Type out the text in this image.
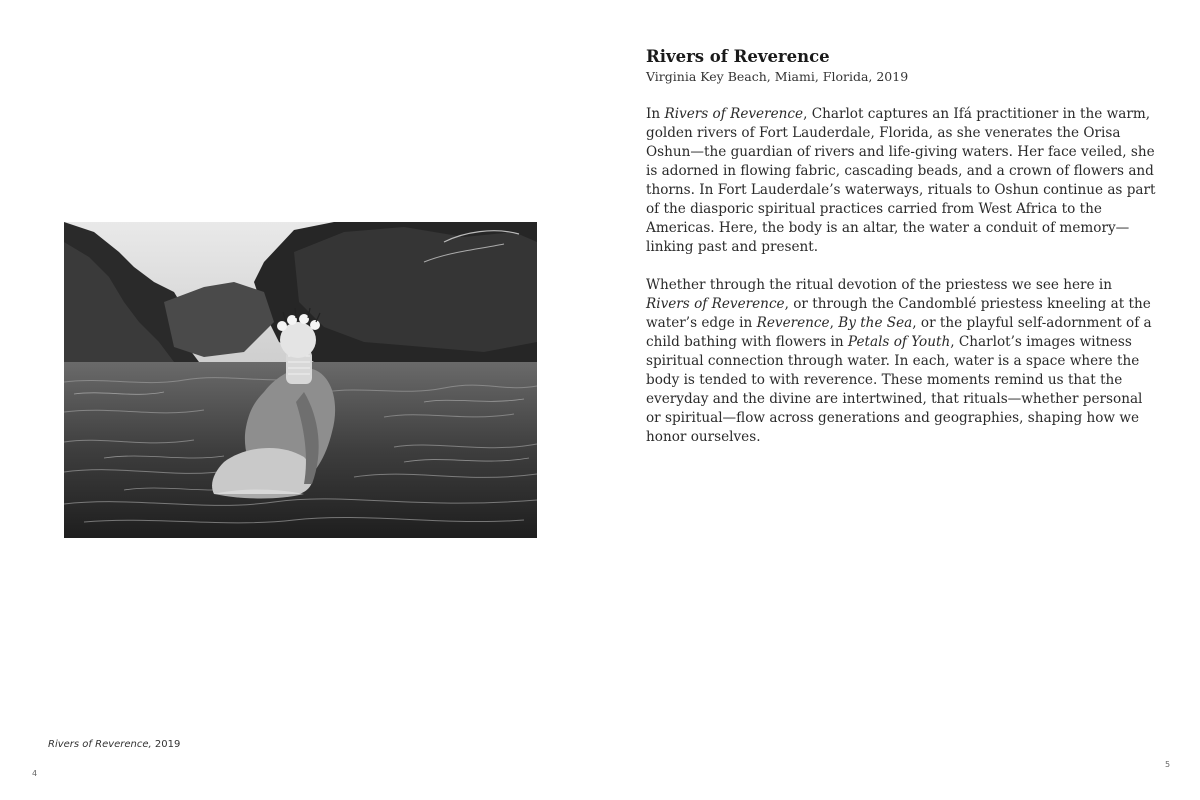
Rivers of Reverence, 2019
4
Rivers of Reverence

Virginia Key Beach, Miami, Florida, 2019

In Rivers of Reverence, Charlot captures an Ifá practitioner in the warm, golden rivers of Fort Lauderdale, Florida, as she venerates the Orisa Oshun—the guardian of rivers and life-giving waters. Her face veiled, she is adorned in flowing fabric, cascading beads, and a crown of flowers and thorns. In Fort Lauderdale’s waterways, rituals to Oshun continue as part of the diasporic spiritual practices carried from West Africa to the Americas. Here, the body is an altar, the water a conduit of memory—linking past and present.

Whether through the ritual devotion of the priestess we see here in Rivers of Reverence, or through the Candomblé priestess kneeling at the water’s edge in Reverence, By the Sea, or the playful self-adornment of a child bathing with flowers in Petals of Youth, Charlot’s images witness spiritual connection through water. In each, water is a space where the body is tended to with reverence. These moments remind us that the everyday and the divine are intertwined, that rituals—whether personal or spiritual—flow across generations and geographies, shaping how we honor ourselves.

5
